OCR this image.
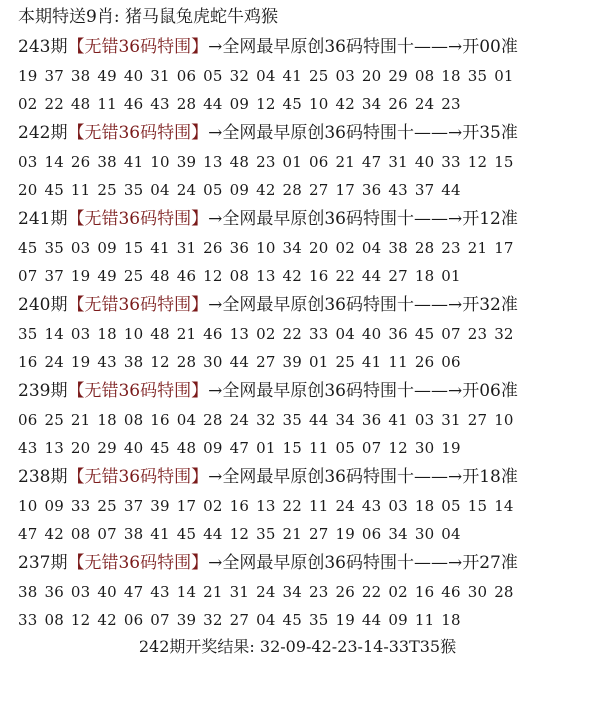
本期特送9肖: 猪马鼠兔虎蛇牛鸡猴
243期【无错36码特围】→全网最早原创36码特围十——→开00准
19 37 38 49 40 31 06 05 32 04 41 25 03 20 29 08 18 35 01
02 22 48 11 46 43 28 44 09 12 45 10 42 34 26 24 23
242期【无错36码特围】→全网最早原创36码特围十——→开35准
03 14 26 38 41 10 39 13 48 23 01 06 21 47 31 40 33 12 15
20 45 11 25 35 04 24 05 09 42 28 27 17 36 43 37 44
241期【无错36码特围】→全网最早原创36码特围十——→开12准
45 35 03 09 15 41 31 26 36 10 34 20 02 04 38 28 23 21 17
07 37 19 49 25 48 46 12 08 13 42 16 22 44 27 18 01
240期【无错36码特围】→全网最早原创36码特围十——→开32准
35 14 03 18 10 48 21 46 13 02 22 33 04 40 36 45 07 23 32
16 24 19 43 38 12 28 30 44 27 39 01 25 41 11 26 06
239期【无错36码特围】→全网最早原创36码特围十——→开06准
06 25 21 18 08 16 04 28 24 32 35 44 34 36 41 03 31 27 10
43 13 20 29 40 45 48 09 47 01 15 11 05 07 12 30 19
238期【无错36码特围】→全网最早原创36码特围十——→开18准
10 09 33 25 37 39 17 02 16 13 22 11 24 43 03 18 05 15 14
47 42 08 07 38 41 45 44 12 35 21 27 19 06 34 30 04
237期【无错36码特围】→全网最早原创36码特围十——→开27准
38 36 03 40 47 43 14 21 31 24 34 23 26 22 02 16 46 30 28
33 08 12 42 06 07 39 32 27 04 45 35 19 44 09 11 18
242期开奖结果: 32-09-42-23-14-33T35猴
